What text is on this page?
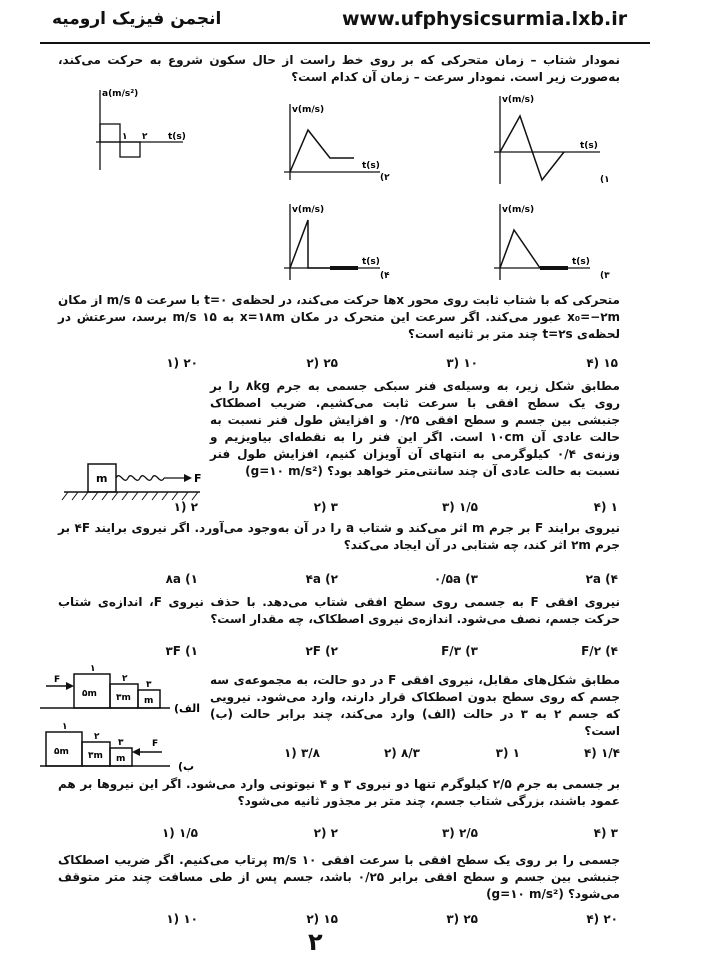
انجمن فیزیک ارومیه	www.ufphysicsurmia.lxb.ir
نمودار شتاب – زمان متحرکی که بر روی خط راست از حال سکون شروع به حرکت می‌کند، به‌صورت زیر است. نمودار سرعت – زمان آن کدام است؟
a(m/s²)
t(s)
۱ ۲
v(m/s)
t(s)
(۱
v(m/s)
t(s)
(۲
v(m/s)
t(s)
(۴
v(m/s)
t(s)
(۳
متحرکی که با شتاب ثابت روی محور xها حرکت می‌کند، در لحظه‌ی t=۰ با سرعت ۵ m/s از مکان x₀=−۲m عبور می‌کند. اگر سرعت این متحرک در مکان x=۱۸m به ۱۵ m/s برسد، سرعتش در لحظه‌ی t=۲s چند متر بر ثانیه است؟
۲۰ (۱	۲۵ (۲	۱۰ (۳	۱۵ (۴
مطابق شکل زیر، به وسیله‌ی فنر سبکی جسمی به جرم ۸kg را بر روی یک سطح افقی با سرعت ثابت می‌کشیم. ضریب اصطکاک جنبشی بین جسم و سطح افقی ۰/۲۵ و افزایش طول فنر نسبت به حالت عادی آن ۱۰cm است. اگر این فنر را به نقطه‌ای بیاویزیم و وزنه‌ی ۰/۴ کیلوگرمی به انتهای آن آویزان کنیم، افزایش طول فنر نسبت به حالت عادی آن چند سانتی‌متر خواهد بود؟ (g=۱۰ m/s²)
m	F
۲ (۱	۳ (۲	۱/۵ (۳	۱ (۴
نیروی برایند F بر جرم m اثر می‌کند و شتاب a را در آن به‌وجود می‌آورد. اگر نیروی برایند ۴F بر جرم ۲m اثر کند، چه شتابی در آن ایجاد می‌کند؟
۸a (۱	۴a (۲	۰/۵a (۳	۲a (۴
نیروی افقی F به جسمی روی سطح افقی شتاب می‌دهد. با حذف نیروی F، اندازه‌ی شتاب حرکت جسم، نصف می‌شود. اندازه‌ی نیروی اصطکاک، چه مقدار است؟
۳F (۱	۲F (۲	F/۳ (۳	F/۲ (۴
مطابق شکل‌های مقابل، نیروی افقی F در دو حالت، به مجموعه‌ی سه جسم که روی سطح بدون اصطکاک قرار دارند، وارد می‌شود. نیرویی که جسم ۲ به ۳ در حالت (الف) وارد می‌کند، چند برابر حالت (ب) است؟
F
۵m ۳m m
۱
۲
۳
(الف
F
۵m ۳m m
۱
۲
۳
(ب
۳/۸ (۱	۸/۳ (۲	۱ (۳	۱/۴ (۴
بر جسمی به جرم ۲/۵ کیلوگرم تنها دو نیروی ۳ و ۴ نیوتونی وارد می‌شود. اگر این نیروها بر هم عمود باشند، بزرگی شتاب جسم، چند متر بر مجذور ثانیه می‌شود؟
۱/۵ (۱	۲ (۲	۲/۵ (۳	۳ (۴
جسمی را بر روی یک سطح افقی با سرعت افقی ۱۰ m/s پرتاب می‌کنیم. اگر ضریب اصطکاک جنبشی بین جسم و سطح افقی برابر ۰/۲۵ باشد، جسم پس از طی مسافت چند متر متوقف می‌شود؟ (g=۱۰ m/s²)
۱۰ (۱	۱۵ (۲	۲۵ (۳	۲۰ (۴
۲
